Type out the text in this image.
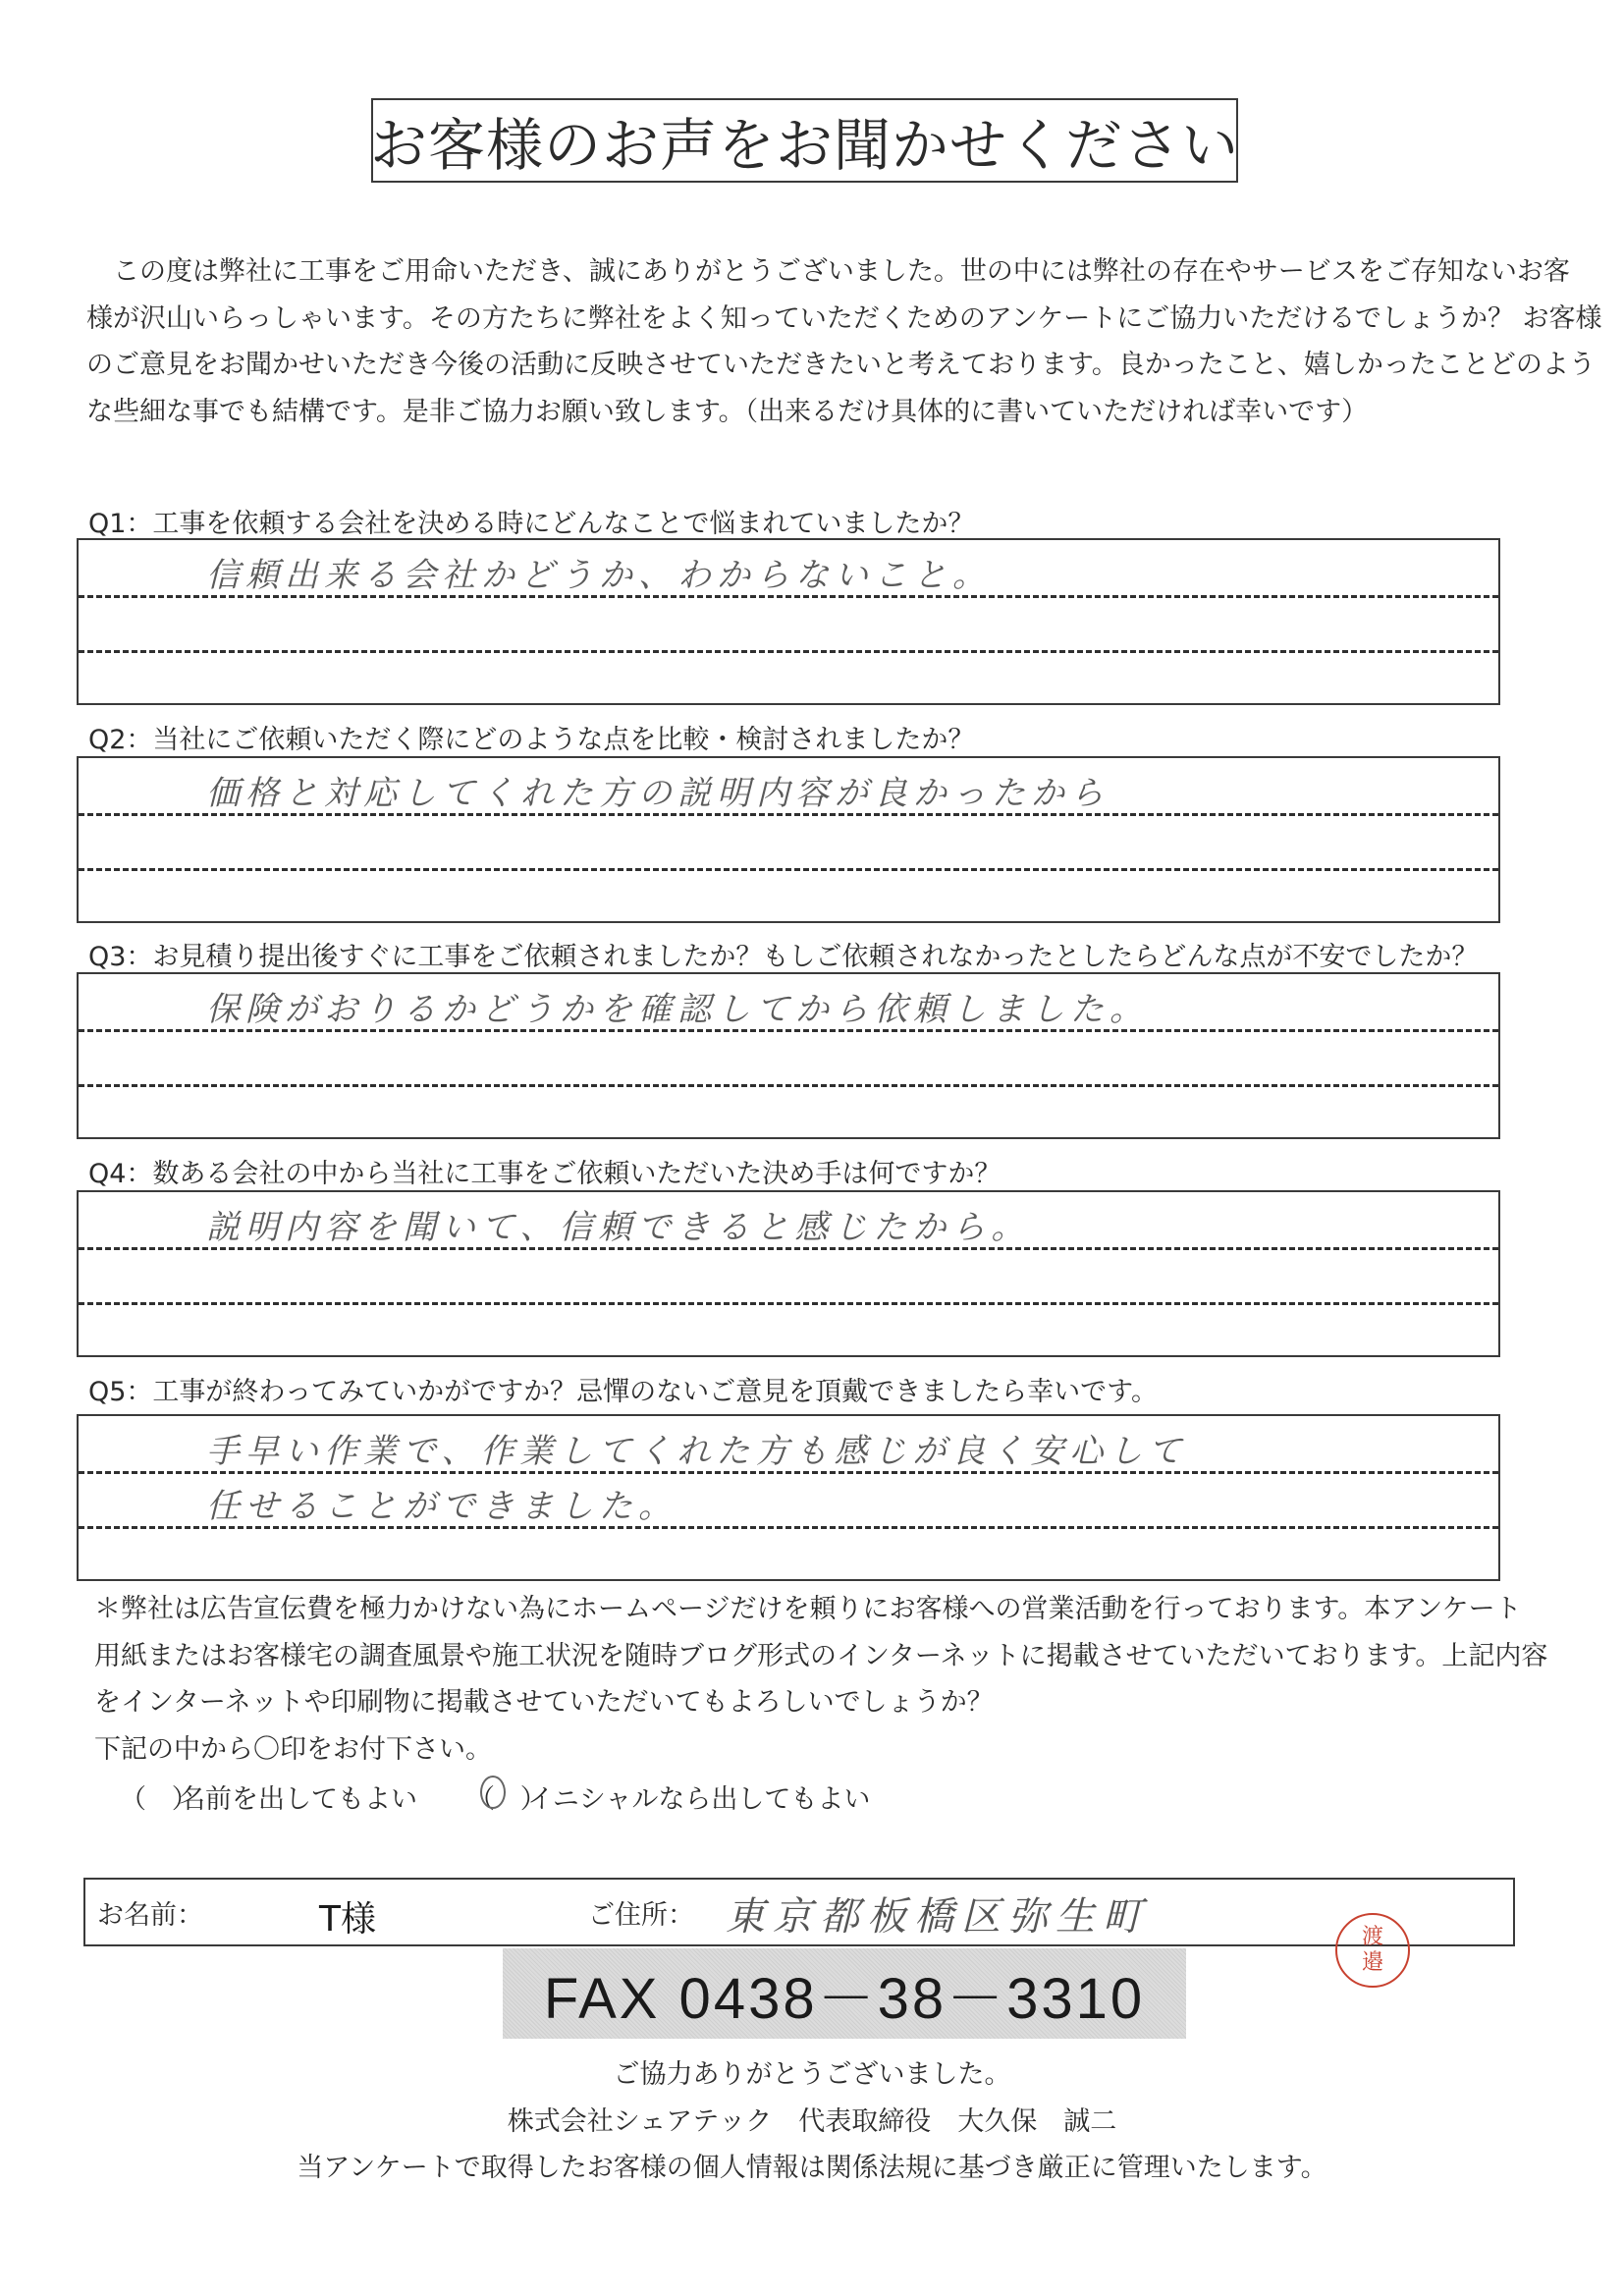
お客様のお声をお聞かせください
　この度は弊社に工事をご用命いただき、誠にありがとうございました。世の中には弊社の存在やサービスをご存知ないお客
様が沢山いらっしゃいます。その方たちに弊社をよく知っていただくためのアンケートにご協力いただけるでしょうか？ お客様
のご意見をお聞かせいただき今後の活動に反映させていただきたいと考えております。良かったこと、嬉しかったことどのよう
な些細な事でも結構です。是非ご協力お願い致します。（出来るだけ具体的に書いていただければ幸いです）
Q1：工事を依頼する会社を決める時にどんなことで悩まれていましたか？
信頼出来る会社かどうか、わからないこと。
Q2：当社にご依頼いただく際にどのような点を比較・検討されましたか？
価格と対応してくれた方の説明内容が良かったから
Q3：お見積り提出後すぐに工事をご依頼されましたか？もしご依頼されなかったとしたらどんな点が不安でしたか？
保険がおりるかどうかを確認してから依頼しました。
Q4：数ある会社の中から当社に工事をご依頼いただいた決め手は何ですか？
説明内容を聞いて、信頼できると感じたから。
Q5：工事が終わってみていかがですか？忌憚のないご意見を頂戴できましたら幸いです。
手早い作業で、作業してくれた方も感じが良く安心して
任せることができました。
＊弊社は広告宣伝費を極力かけない為にホームページだけを頼りにお客様への営業活動を行っております。本アンケート
用紙またはお客様宅の調査風景や施工状況を随時ブログ形式のインターネットに掲載させていただいております。上記内容
をインターネットや印刷物に掲載させていただいてもよろしいでしょうか？
下記の中から〇印をお付下さい。
（   ）
名前を出してもよい （   ）
イニシャルなら出してもよい
お名前：	T様	ご住所： 東京都板橋区弥生町
FAX 0438－38－3310
渡
邉
ご協力ありがとうございました。
株式会社シェアテック　代表取締役　大久保　誠二
当アンケートで取得したお客様の個人情報は関係法規に基づき厳正に管理いたします。
